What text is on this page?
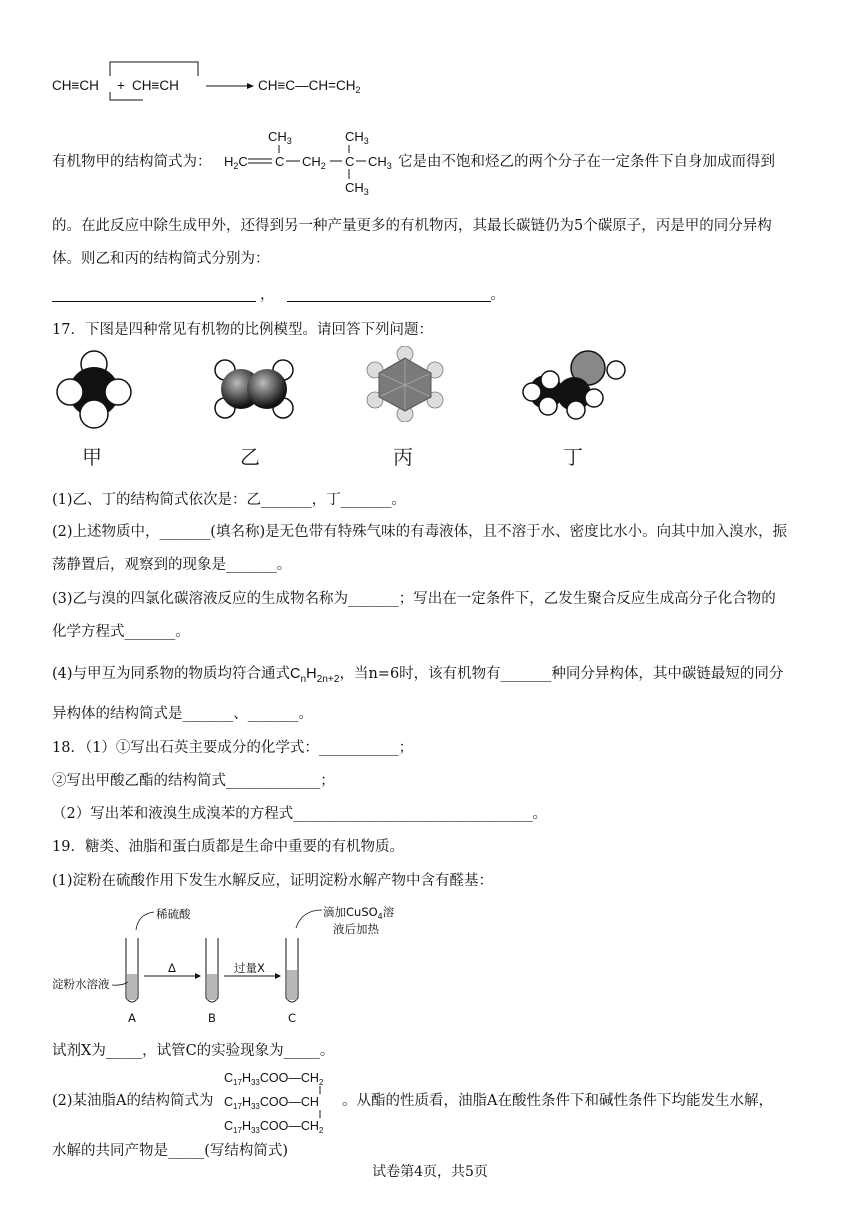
CH≡CH + CH≡CH	$CH\equiv C—CH=CH_2$
有机物甲的结构简式为：
$CH_3$	$CH_3$
$H_2C$ C $CH_2$ C $CH_3$
$CH_3$
它是由不饱和烃乙的两个分子在一定条件下自身加成而得到
的。在此反应中除生成甲外，还得到另一种产量更多的有机物丙，其最长碳链仍为5个碳原子，丙是甲的同分异构
体。则乙和丙的结构简式分别为：
，	。
17．下图是四种常见有机物的比例模型。请回答下列问题：
甲	乙	丙	丁
(1)乙、丁的结构简式依次是：乙_______，丁_______。
(2)上述物质中，_______(填名称)是无色带有特殊气味的有毒液体，且不溶于水、密度比水小。向其中加入溴水，振
荡静置后，观察到的现象是_______。
(3)乙与溴的四氯化碳溶液反应的生成物名称为_______；写出在一定条件下，乙发生聚合反应生成高分子化合物的
化学方程式_______。
(4)与甲互为同系物的物质均符合通式$C_nH_{2n+2}$，当n=6时，该有机物有_______种同分异构体，其中碳链最短的同分
异构体的结构简式是_______、_______。
18．（1）①写出石英主要成分的化学式：___________；
②写出甲酸乙酯的结构简式_____________；
（2）写出苯和液溴生成溴苯的方程式_________________________________。
19．糖类、油脂和蛋白质都是生命中重要的有机物质。
(1)淀粉在硫酸作用下发生水解反应，证明淀粉水解产物中含有醛基：
稀硫酸	滴加CuSO$_4$溶
液后加热
淀粉水溶液
Δ	过量X
A	B	C
试剂X为_____，试管C的实验现象为_____。
(2)某油脂A的结构简式为
$C_{17}H_{33}COO—CH_2$
$C_{17}H_{33}COO—CH$
$C_{17}H_{33}COO—CH_2$
。从酯的性质看，油脂A在酸性条件下和碱性条件下均能发生水解，
水解的共同产物是_____(写结构简式)
试卷第4页，共5页
